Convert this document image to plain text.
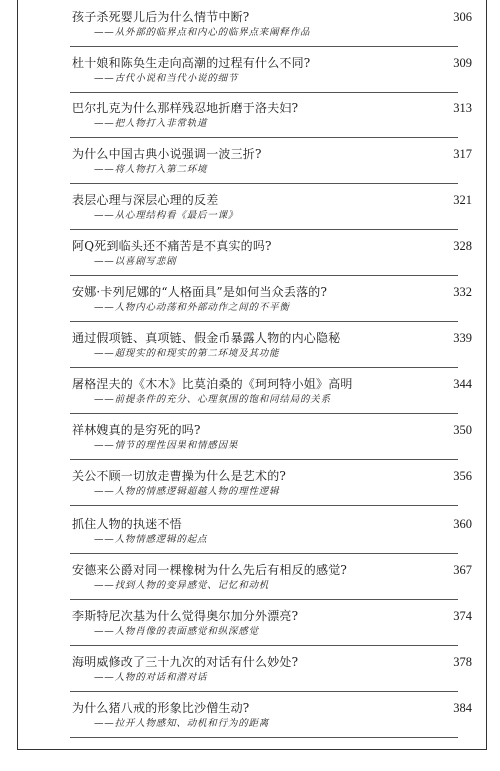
孩子杀死婴儿后为什么情节中断?	306
——从外部的临界点和内心的临界点来阐释作品
杜十娘和陈奂生走向高潮的过程有什么不同?	309
——古代小说和当代小说的细节
巴尔扎克为什么那样残忍地折磨于洛夫妇?	313
——把人物打入非常轨道
为什么中国古典小说强调一波三折?	317
——将人物打入第二环境
表层心理与深层心理的反差	321
——从心理结构看《最后一课》
阿Q死到临头还不痛苦是不真实的吗?	328
——以喜剧写悲剧
安娜·卡列尼娜的“人格面具”是如何当众丢落的?	332
——人物内心动荡和外部动作之间的不平衡
通过假项链、真项链、假金币暴露人物的内心隐秘	339
——超现实的和现实的第二环境及其功能
屠格涅夫的《木木》比莫泊桑的《珂珂特小姐》高明	344
——前提条件的充分、心理氛围的饱和同结局的关系
祥林嫂真的是穷死的吗?	350
——情节的理性因果和情感因果
关公不顾一切放走曹操为什么是艺术的?	356
——人物的情感逻辑超越人物的理性逻辑
抓住人物的执迷不悟	360
——人物情感逻辑的起点
安德来公爵对同一棵橡树为什么先后有相反的感觉?	367
——找到人物的变异感觉、记忆和动机
李斯特尼次基为什么觉得奥尔加分外漂亮?	374
——人物肖像的表面感觉和纵深感觉
海明威修改了三十九次的对话有什么妙处?	378
——人物的对话和潜对话
为什么猪八戒的形象比沙僧生动?	384
——拉开人物感知、动机和行为的距离
